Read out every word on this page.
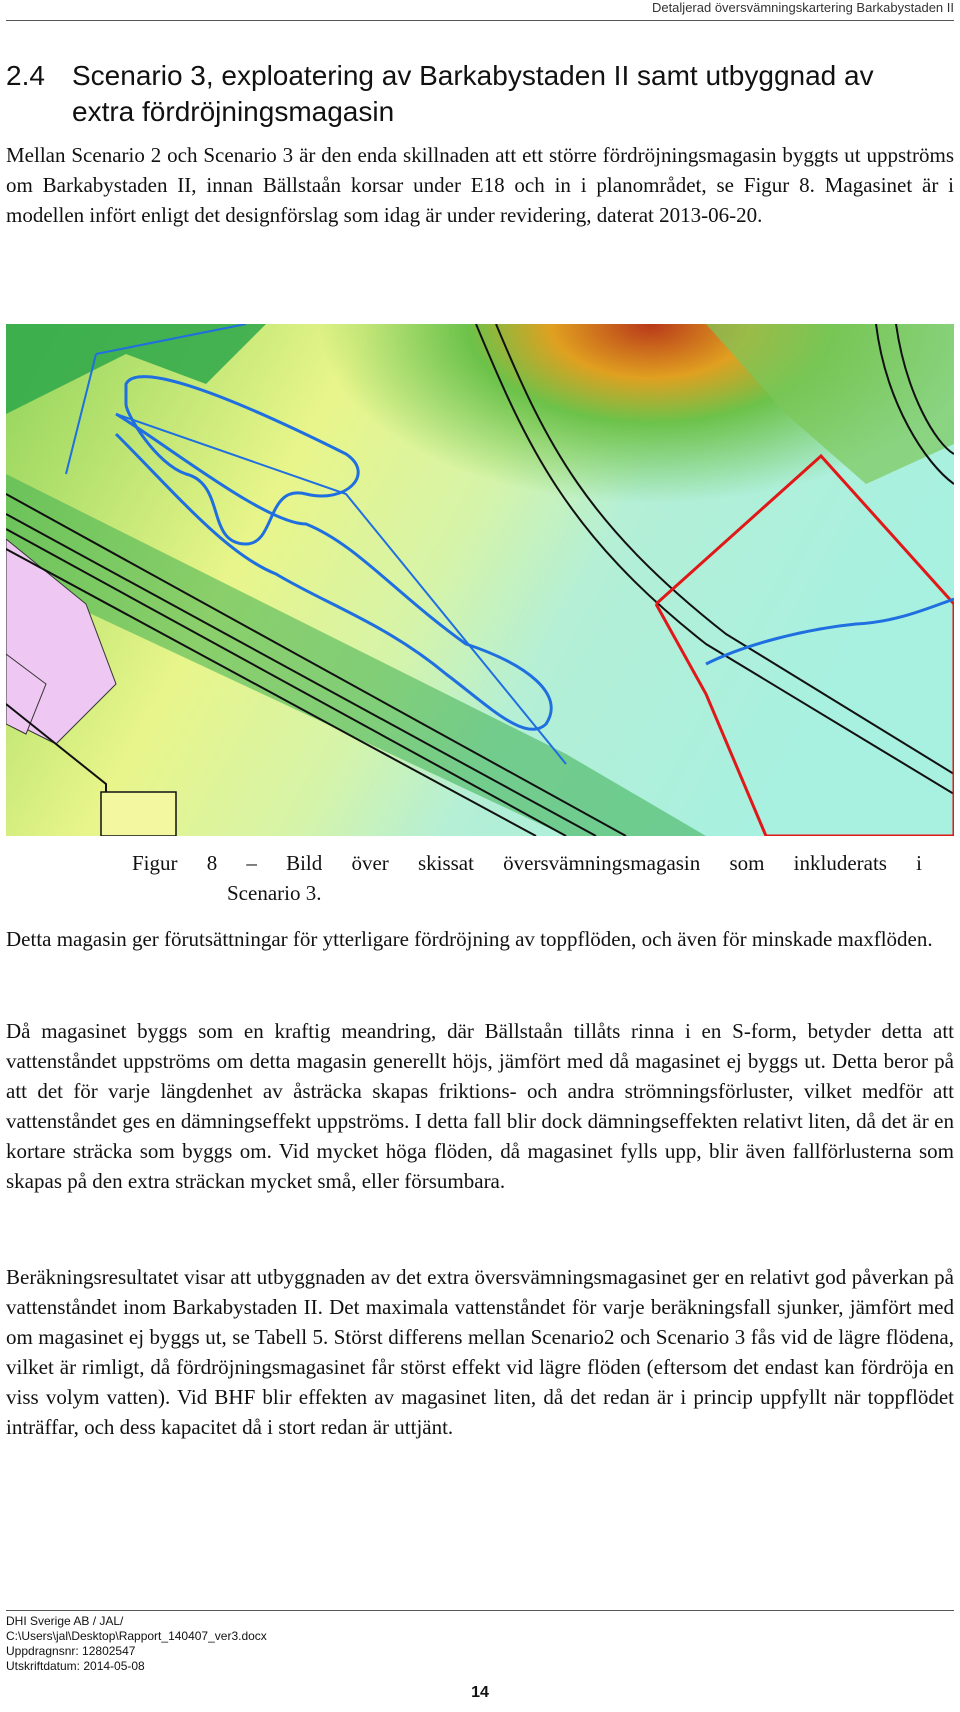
Detaljerad översvämningskartering Barkabystaden II
2.4 Scenario 3, exploatering av Barkabystaden II samt utbyggnad av extra fördröjningsmagasin
Mellan Scenario 2 och Scenario 3 är den enda skillnaden att ett större fördröjningsmagasin byggts ut uppströms om Barkabystaden II, innan Bällstaån korsar under E18 och in i planområdet, se Figur 8. Magasinet är i modellen infört enligt det designförslag som idag är under revidering, daterat 2013-06-20.
Figur 8 – Bild över skissat översvämningsmagasin som inkluderats i
Scenario 3.
Detta magasin ger förutsättningar för ytterligare fördröjning av toppflöden, och även för minskade maxflöden.
Då magasinet byggs som en kraftig meandring, där Bällstaån tillåts rinna i en S-form, betyder detta att vattenståndet uppströms om detta magasin generellt höjs, jämfört med då magasinet ej byggs ut. Detta beror på att det för varje längdenhet av åsträcka skapas friktions- och andra strömningsförluster, vilket medför att vattenståndet ges en dämningseffekt uppströms. I detta fall blir dock dämningseffekten relativt liten, då det är en kortare sträcka som byggs om. Vid mycket höga flöden, då magasinet fylls upp, blir även fallförlusterna som skapas på den extra sträckan mycket små, eller försumbara.
Beräkningsresultatet visar att utbyggnaden av det extra översvämningsmagasinet ger en relativt god påverkan på vattenståndet inom Barkabystaden II. Det maximala vattenståndet för varje beräkningsfall sjunker, jämfört med om magasinet ej byggs ut, se Tabell 5. Störst differens mellan Scenario2 och Scenario 3 fås vid de lägre flödena, vilket är rimligt, då fördröjningsmagasinet får störst effekt vid lägre flöden (eftersom det endast kan fördröja en viss volym vatten). Vid BHF blir effekten av magasinet liten, då det redan är i princip uppfyllt när toppflödet inträffar, och dess kapacitet då i stort redan är uttjänt.
DHI Sverige AB / JAL/
C:\Users\jal\Desktop\Rapport_140407_ver3.docx
Uppdragnsnr: 12802547
Utskriftdatum: 2014-05-08
14
